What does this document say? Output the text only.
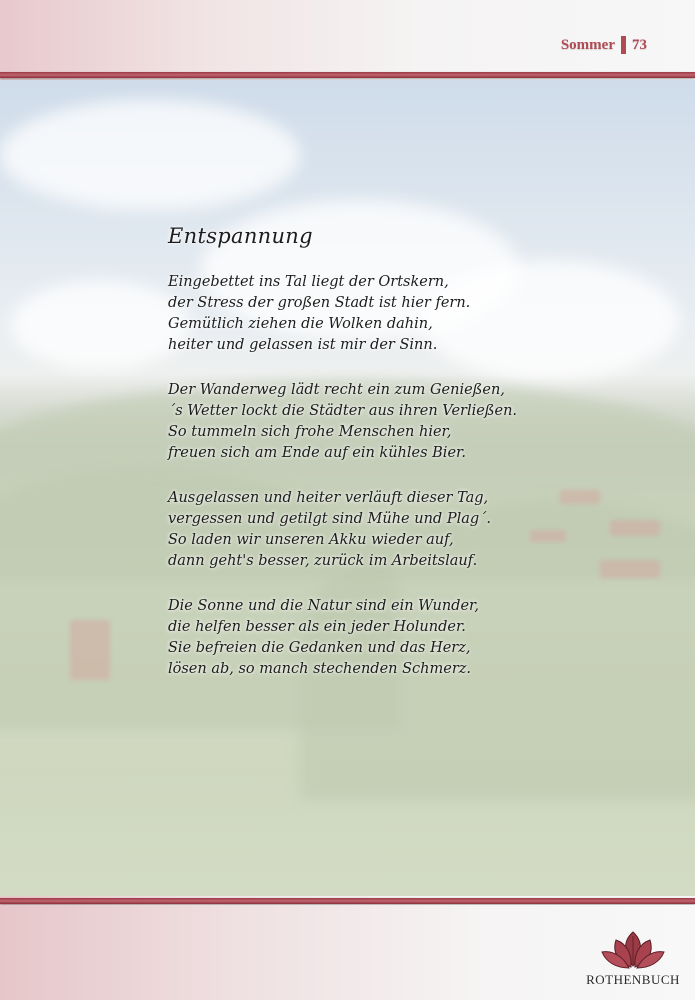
Sommer 73
Entspannung
Eingebettet ins Tal liegt der Ortskern,
der Stress der großen Stadt ist hier fern.
Gemütlich ziehen die Wolken dahin,
heiter und gelassen ist mir der Sinn.
Der Wanderweg lädt recht ein zum Genießen,
´s Wetter lockt die Städter aus ihren Verließen.
So tummeln sich frohe Menschen hier,
freuen sich am Ende auf ein kühles Bier.
Ausgelassen und heiter verläuft dieser Tag,
vergessen und getilgt sind Mühe und Plag´.
So laden wir unseren Akku wieder auf,
dann geht's besser, zurück im Arbeitslauf.
Die Sonne und die Natur sind ein Wunder,
die helfen besser als ein jeder Holunder.
Sie befreien die Gedanken und das Herz,
lösen ab, so manch stechenden Schmerz.
ROTHENBUCH
